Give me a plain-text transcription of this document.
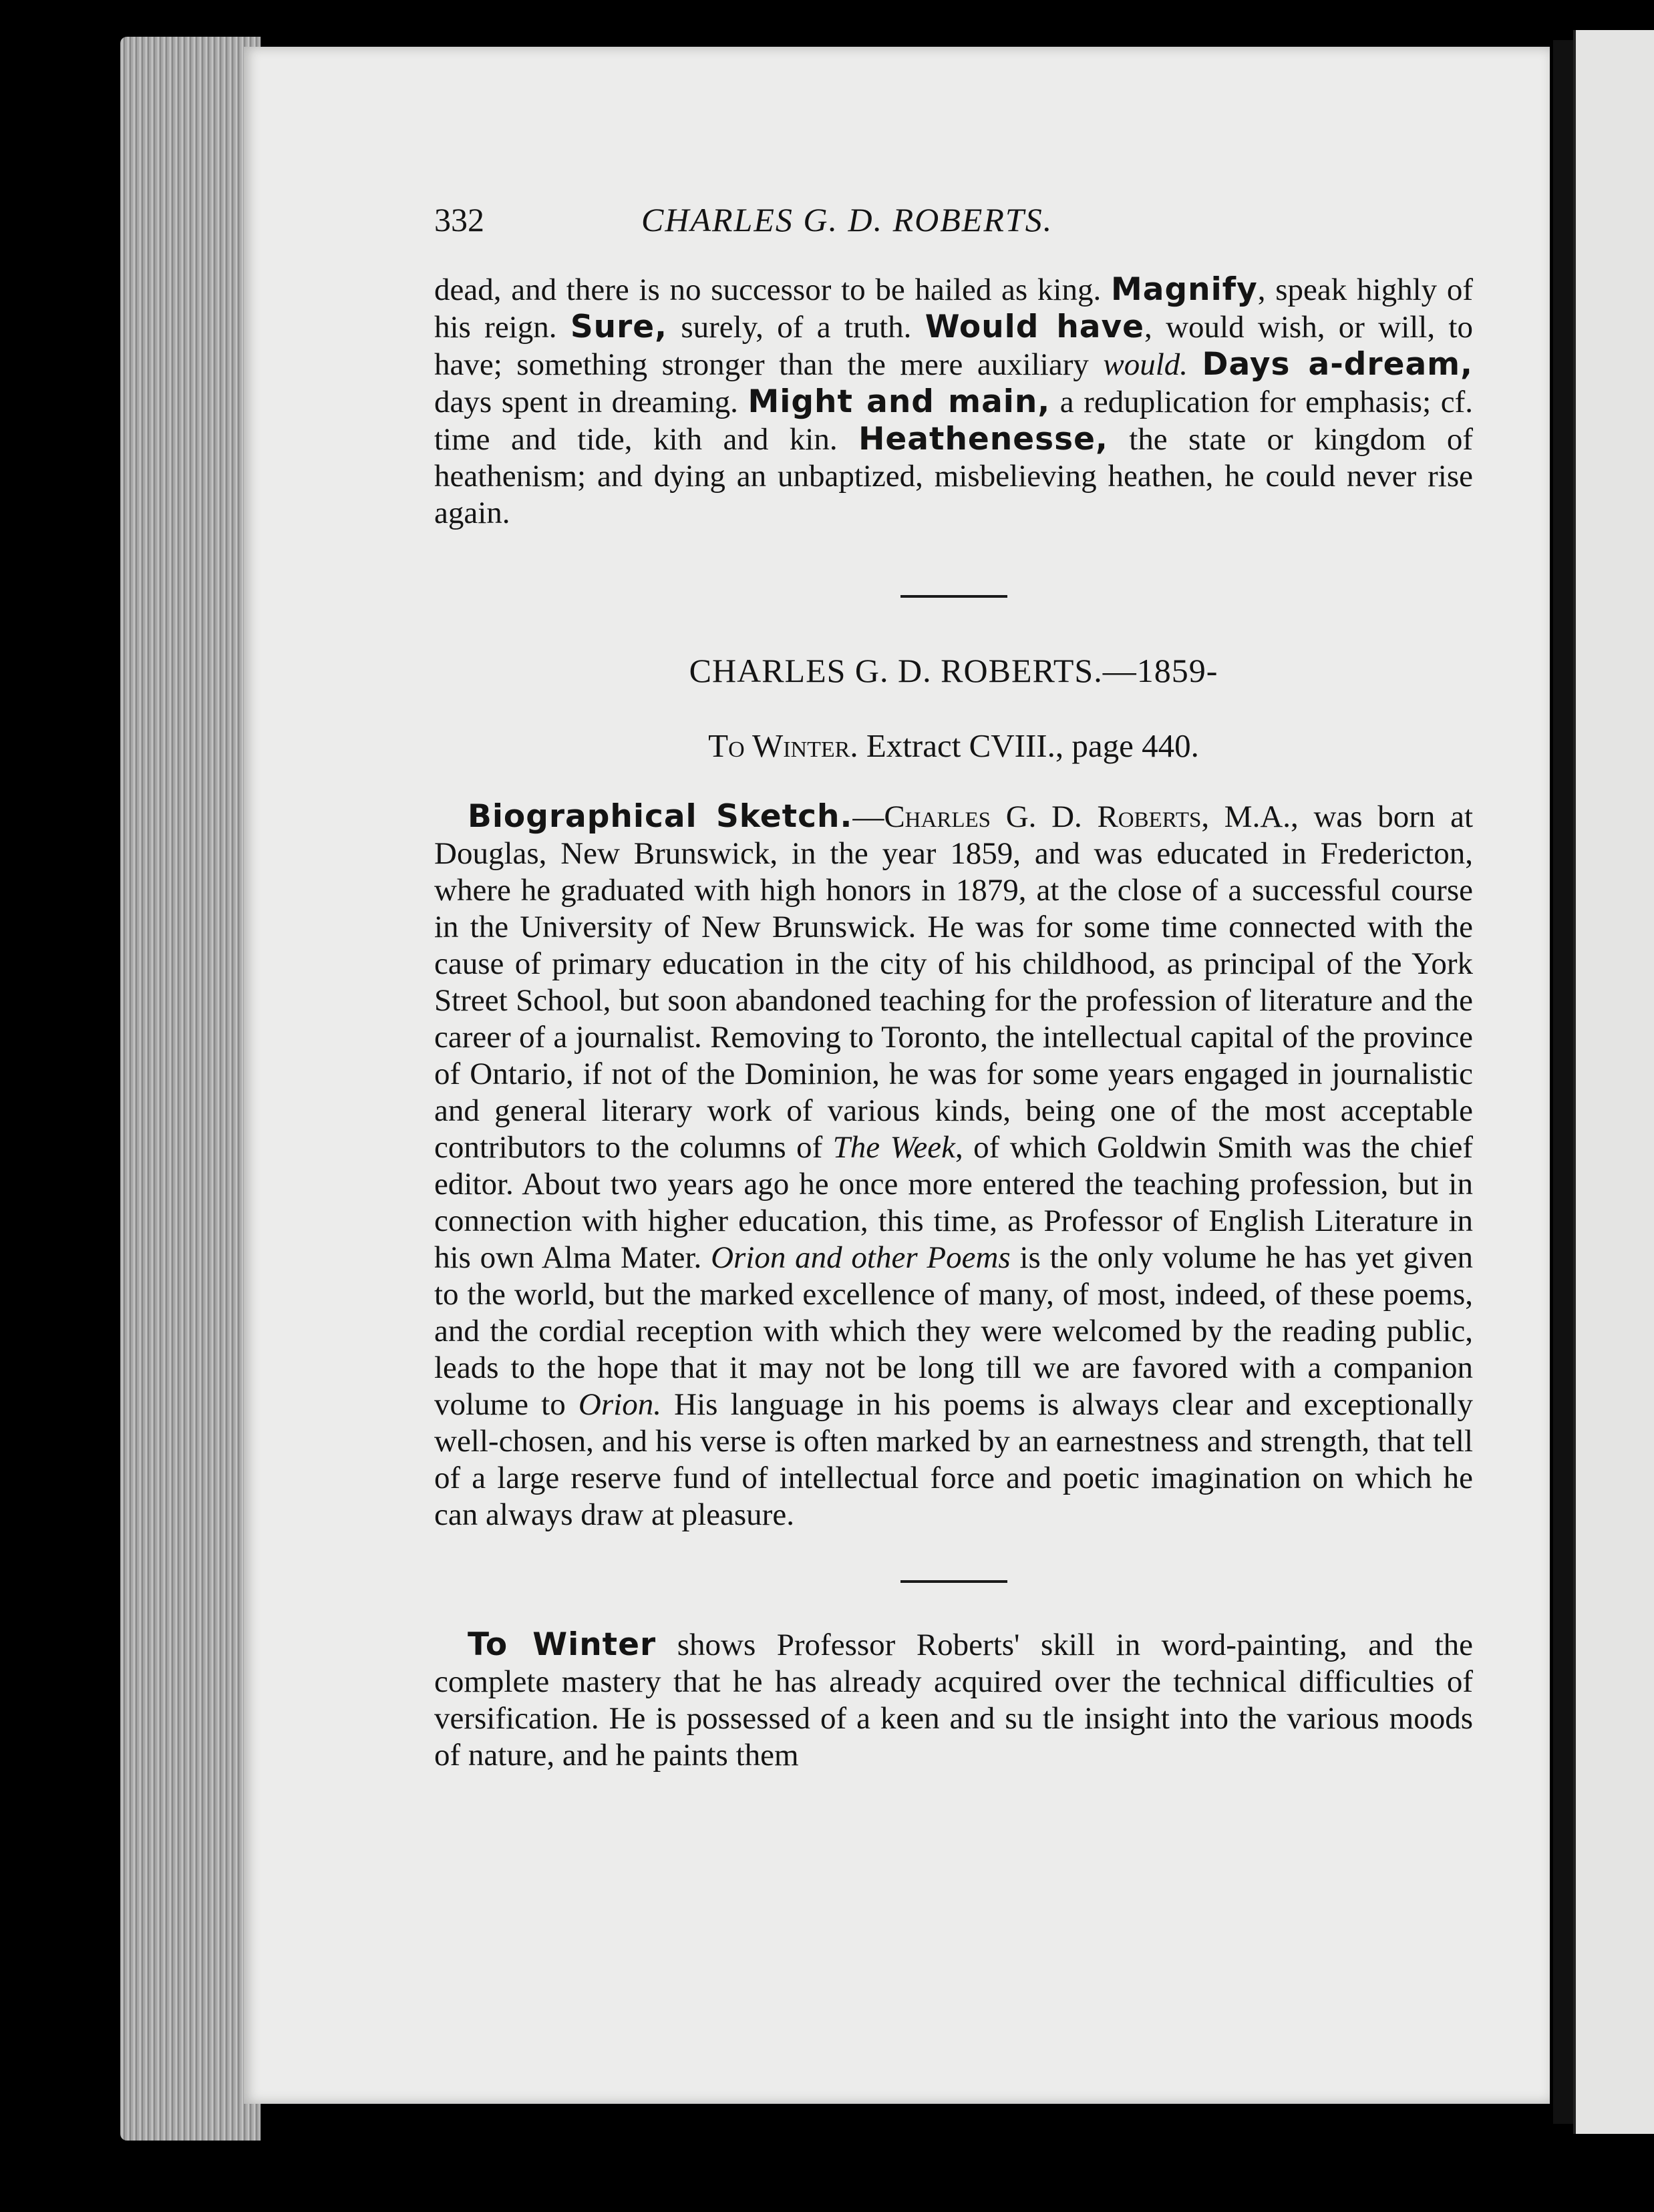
332	CHARLES G. D. ROBERTS.

dead, and there is no successor to be hailed as king. Magnify, speak highly of his reign. Sure, surely, of a truth. Would have, would wish, or will, to have; something stronger than the mere auxiliary would. Days a-dream, days spent in dreaming. Might and main, a reduplication for emphasis; cf. time and tide, kith and kin. Heathenesse, the state or kingdom of heathenism; and dying an unbaptized, misbelieving heathen, he could never rise again.

CHARLES G. D. ROBERTS.—1859-
To Winter. Extract CVIII., page 440.

Biographical Sketch.—Charles G. D. Roberts, M.A., was born at Douglas, New Brunswick, in the year 1859, and was educated in Fredericton, where he graduated with high honors in 1879, at the close of a successful course in the University of New Brunswick. He was for some time connected with the cause of primary education in the city of his childhood, as principal of the York Street School, but soon abandoned teaching for the profession of literature and the career of a journalist. Removing to Toronto, the intellectual capital of the province of Ontario, if not of the Dominion, he was for some years engaged in journalistic and general literary work of various kinds, being one of the most acceptable contributors to the columns of The Week, of which Goldwin Smith was the chief editor. About two years ago he once more entered the teaching profession, but in connection with higher education, this time, as Professor of English Literature in his own Alma Mater. Orion and other Poems is the only volume he has yet given to the world, but the marked excellence of many, of most, indeed, of these poems, and the cordial reception with which they were welcomed by the reading public, leads to the hope that it may not be long till we are favored with a companion volume to Orion. His language in his poems is always clear and exceptionally well-chosen, and his verse is often marked by an earnestness and strength, that tell of a large reserve fund of intellectual force and poetic imagination on which he can always draw at pleasure.

To Winter shows Professor Roberts' skill in word-painting, and the complete mastery that he has already acquired over the technical difficulties of versification. He is possessed of a keen and su tle insight into the various moods of nature, and he paints them
